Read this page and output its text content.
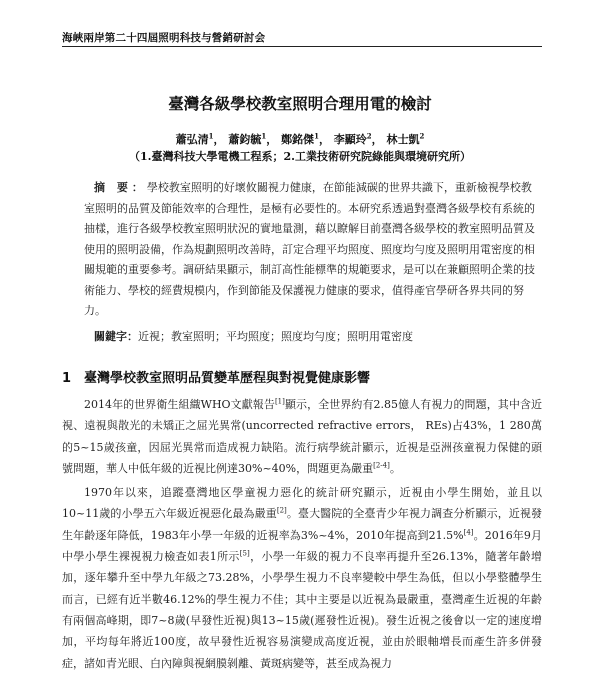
海峽兩岸第二十四屆照明科技与營銷研討会
臺灣各級學校教室照明合理用電的檢討
蕭弘清$^1$， 蕭鈞毓$^1$， 鄭銘傑$^1$， 李顯玲$^2$， 林士凱$^2$
（1.臺灣科技大學電機工程系；2.工業技術研究院綠能與環境研究所）
摘 要：學校教室照明的好壞攸關視力健康，在節能減碳的世界共識下，重新檢視學校教室照明的品質及節能效率的合理性，是極有必要性的。本研究系透過對臺灣各級學校有系統的抽樣，進行各級學校教室照明狀況的實地量測，藉以瞭解目前臺灣各級學校的教室照明品質及使用的照明設備，作為規劃照明改善時，訂定合理平均照度、照度均勻度及照明用電密度的相關規範的重要參考。調研結果顯示，制訂高性能標準的規範要求，是可以在兼顧照明企業的技術能力、學校的經費規模内，作到節能及保護視力健康的要求，值得產官學研各界共同的努力。
關鍵字：近視；教室照明；平均照度；照度均勻度；照明用電密度
1 臺灣學校教室照明品質變革歷程與對視覺健康影響

2014年的世界衛生組織WHO文獻報告[1]顯示，全世界約有2.85億人有視力的問題，其中含近視、遠視與散光的未矯正之屈光異常(uncorrected refractive errors， REs)占43%，1 280萬的5~15歲孩童，因屈光異常而造成視力缺陷。流行病學統計顯示，近視是亞洲孩童視力保健的頭號問題，華人中低年級的近視比例達30%~40%，問題更為嚴重[2-4]。

1970年以來，追蹤臺灣地区學童視力惡化的統計研究顯示，近視由小學生開始，並且以10~11歲的小學五六年級近視惡化最為嚴重[2]。臺大醫院的全臺青少年視力調查分析顯示，近視發生年齡逐年降低，1983年小學一年級的近視率為3%~4%，2010年提高到21.5%[4]。2016年9月中學小學生裸視視力檢查如表1所示[5]，小學一年級的視力不良率再提升至26.13%，隨著年齡增加，逐年攀升至中學九年級之73.28%，小學學生視力不良率變較中學生為低，但以小學整體學生而言，已經有近半數46.12%的學生視力不佳；其中主要是以近視為最嚴重，臺灣產生近視的年齡有兩個高峰期，即7~8歲(早發性近視)與13~15歲(遲發性近視)。發生近視之後會以一定的速度增加，平均每年將近100度，故早發性近視容易演變成高度近視，並由於眼軸增長而產生許多併發症，諸如青光眼、白內障與視網膜剝離、黃斑病變等，甚至成為視力
